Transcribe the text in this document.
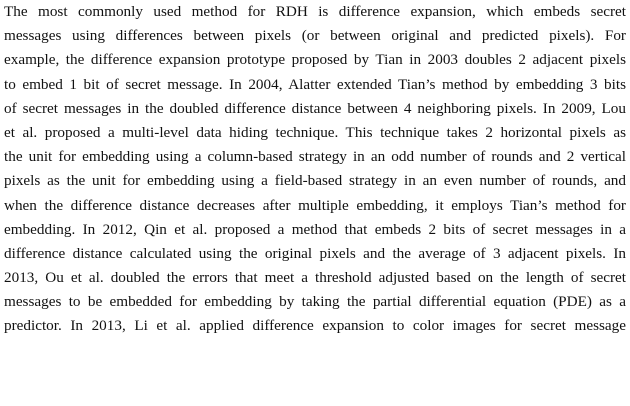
The most commonly used method for RDH is difference expansion, which embeds secret
messages using differences between pixels (or between original and predicted pixels). For
example, the difference expansion prototype proposed by Tian in 2003 doubles 2 adjacent pixels
to embed 1 bit of secret message. In 2004, Alatter extended Tian’s method by embedding 3 bits
of secret messages in the doubled difference distance between 4 neighboring pixels. In 2009, Lou
et al. proposed a multi-level data hiding technique. This technique takes 2 horizontal pixels as
the unit for embedding using a column-based strategy in an odd number of rounds and 2 vertical
pixels as the unit for embedding using a field-based strategy in an even number of rounds, and
when the difference distance decreases after multiple embedding, it employs Tian’s method for
embedding. In 2012, Qin et al. proposed a method that embeds 2 bits of secret messages in a
difference distance calculated using the original pixels and the average of 3 adjacent pixels. In
2013, Ou et al. doubled the errors that meet a threshold adjusted based on the length of secret
messages to be embedded for embedding by taking the partial differential equation (PDE) as a
predictor. In 2013, Li et al. applied difference expansion to color images for secret message
